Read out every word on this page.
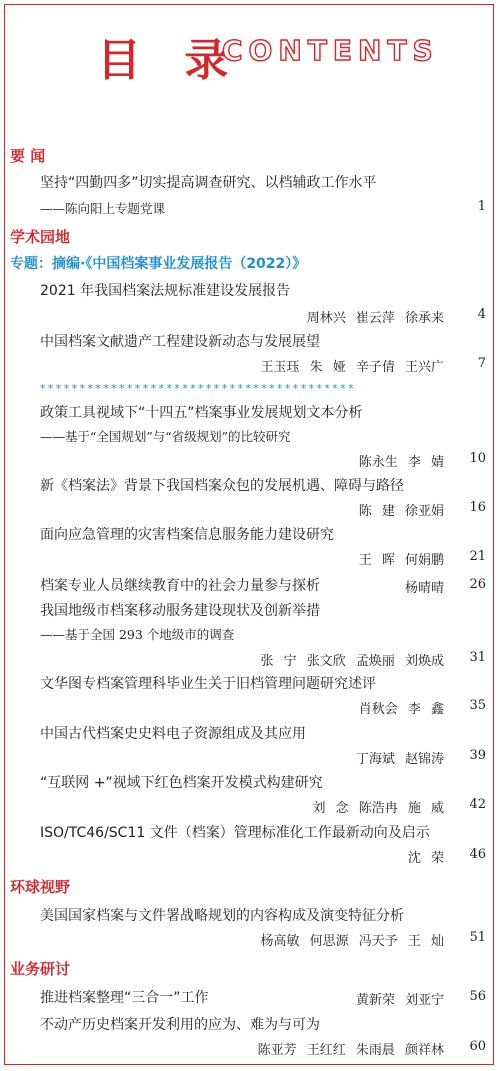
目 录
CONTENTS
要 闻
坚持“四勤四多”切实提高调查研究、以档辅政工作水平
——陈向阳上专题党课	1
学术园地
专题：摘编·《中国档案事业发展报告（2022）》
2021 年我国档案法规标准建设发展报告
周林兴 崔云萍 徐承来	4
中国档案文献遗产工程建设新动态与发展展望
王玉珏 朱 娅 辛子倩 王兴广	7
****************************************
政策工具视域下“十四五”档案事业发展规划文本分析
——基于“全国规划”与“省级规划”的比较研究
陈永生 李 婧 10
新《档案法》背景下我国档案众包的发展机遇、障碍与路径
陈 建 徐亚娟 16
面向应急管理的灾害档案信息服务能力建设研究
王 晖 何娟鹏 21
档案专业人员继续教育中的社会力量参与探析	杨晴晴 26
我国地级市档案移动服务建设现状及创新举措
——基于全国 293 个地级市的调查
张 宁 张文欣 孟焕丽 刘焕成 31
文华图专档案管理科毕业生关于旧档管理问题研究述评
肖秋会 李 鑫 35
中国古代档案史史料电子资源组成及其应用
丁海斌 赵锦涛 39
“互联网 +”视域下红色档案开发模式构建研究
刘 念 陈浩冉 施 威 42
ISO/TC46/SC11 文件（档案）管理标准化工作最新动向及启示
沈 荣 46
环球视野
美国国家档案与文件署战略规划的内容构成及演变特征分析
杨高敏 何思源 冯天予 王 灿 51
业务研讨
推进档案整理“三合一”工作	黄新荣 刘亚宁 56
不动产历史档案开发利用的应为、难为与可为
陈亚芳 王红红 朱雨晨 颜祥林 60
